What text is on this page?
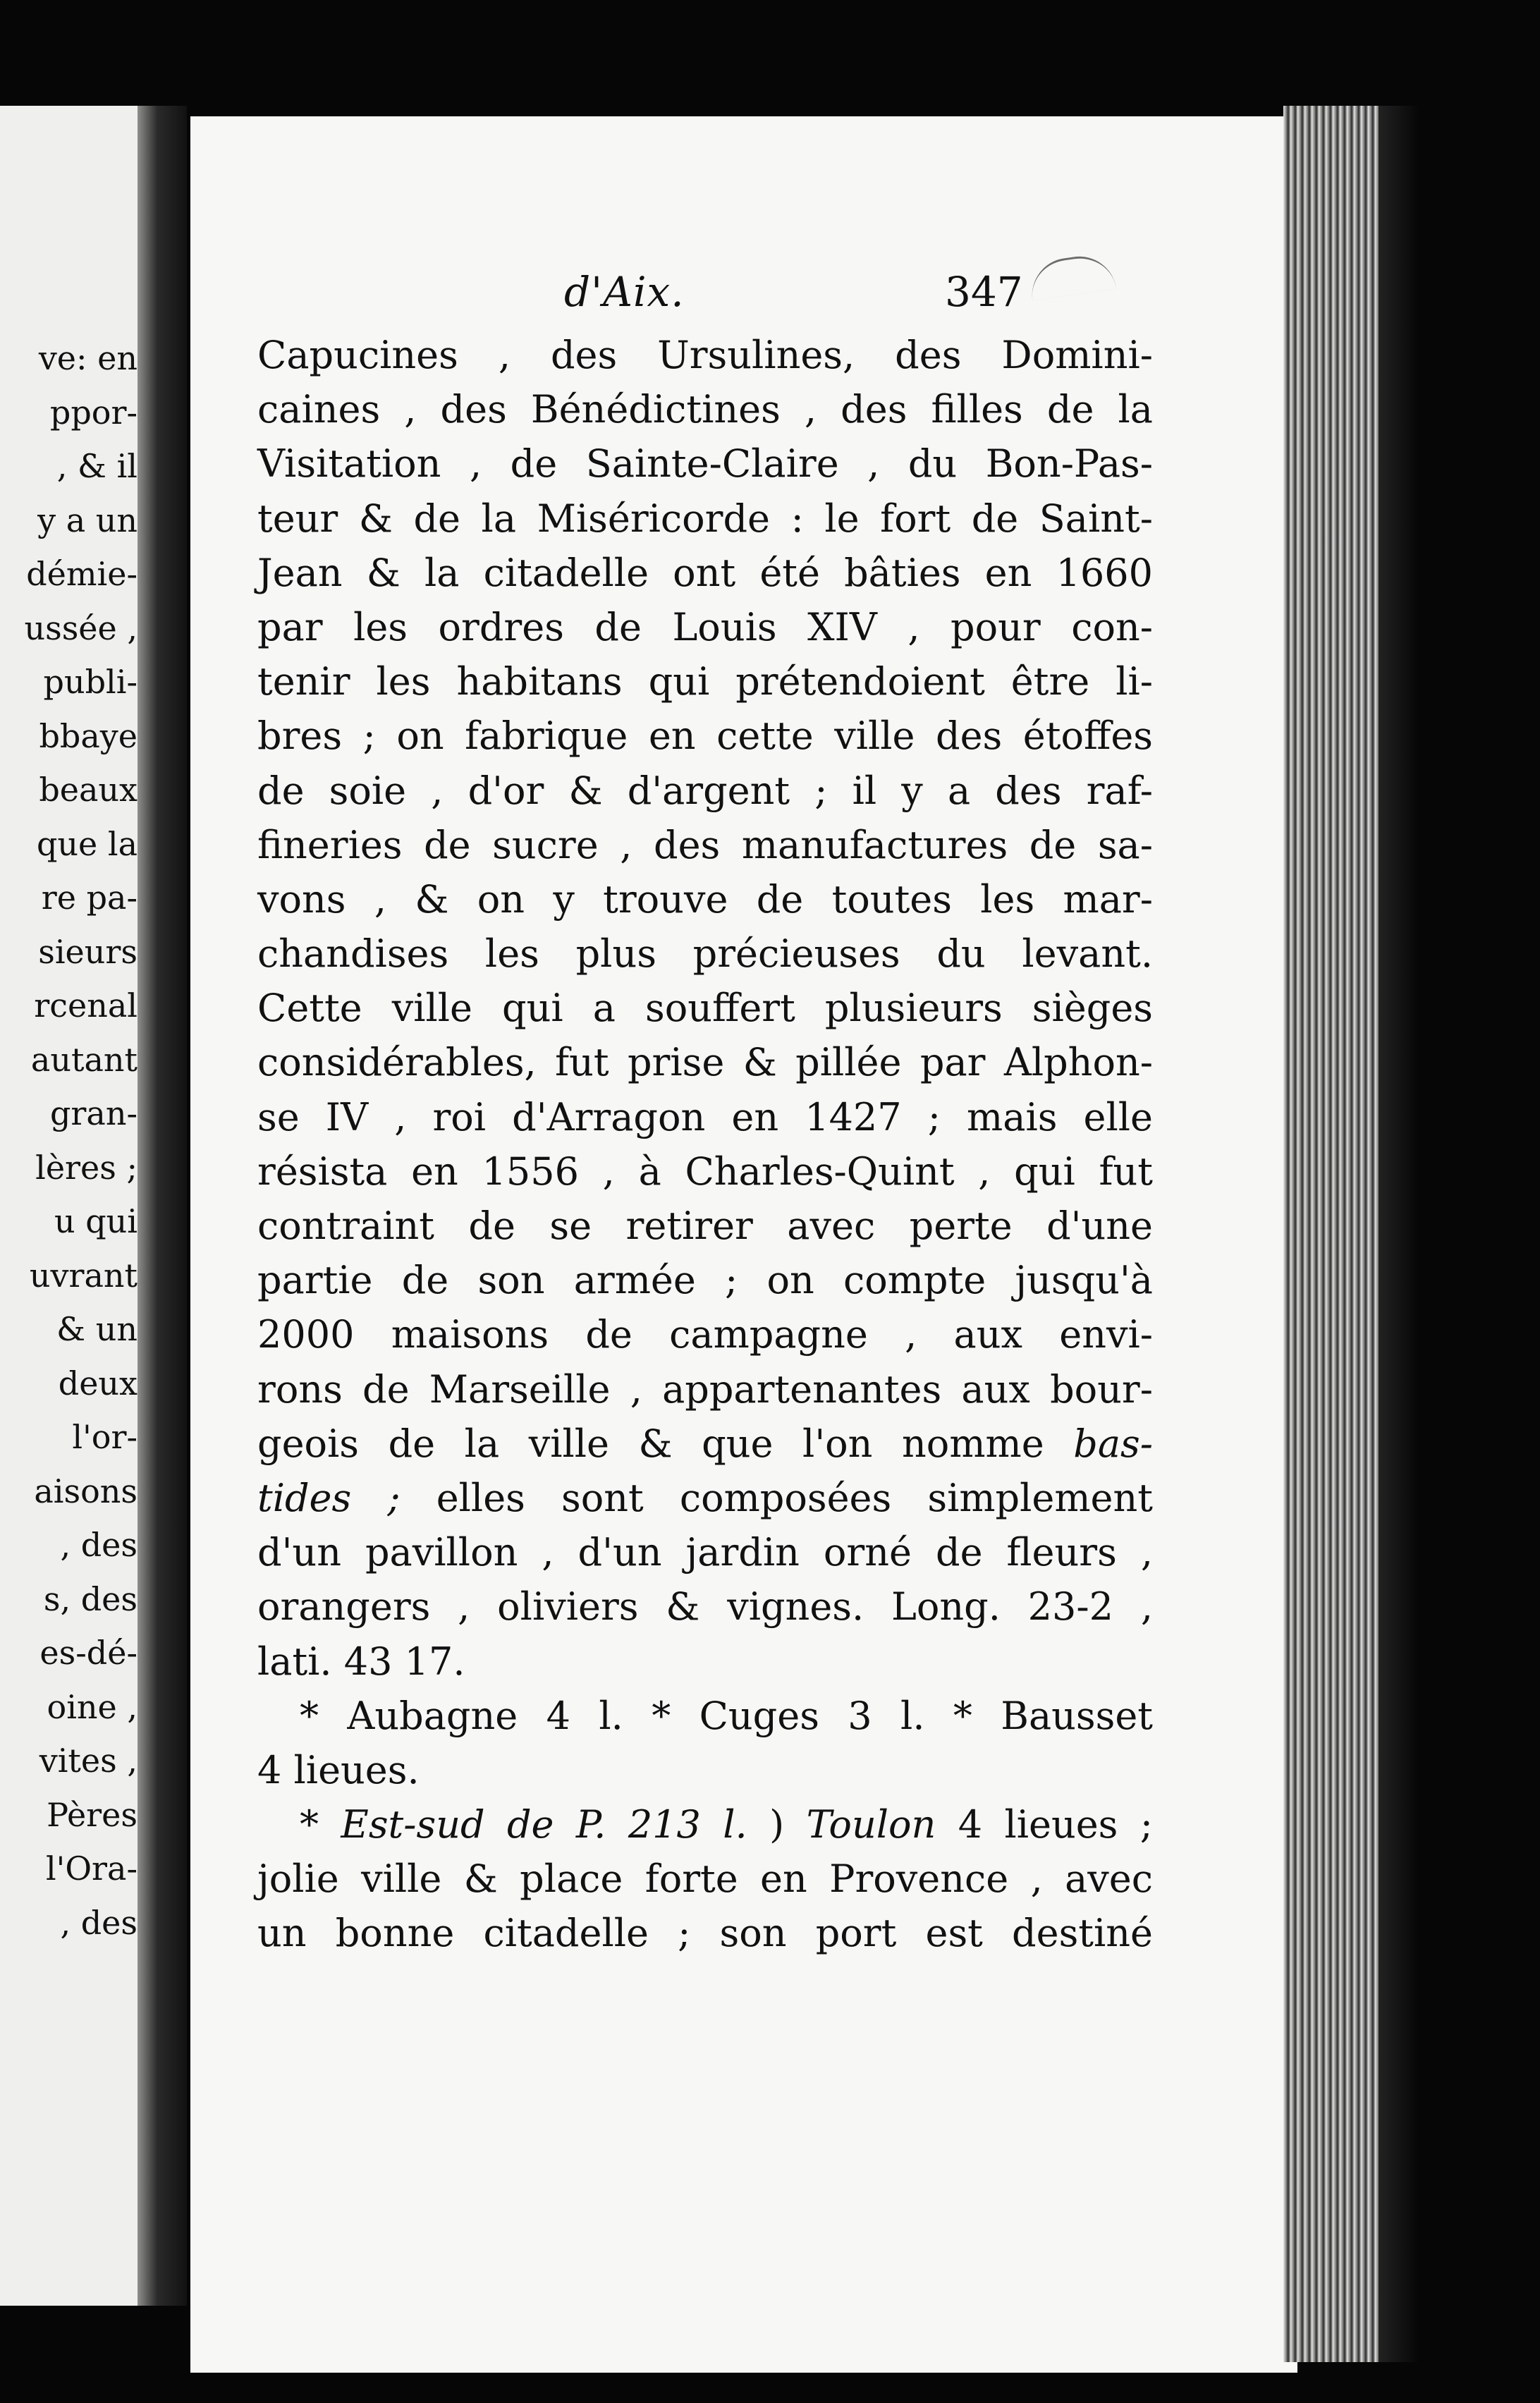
ve: en
ppor-
, & il
y a un
démie-
ussée ,
publi-
bbaye
beaux
que la
re pa-
sieurs
rcenal
autant
gran-
lères ;
u qui
uvrant
& un
deux
l'or-
aisons
, des
s, des
es-dé-
oine ,
vites ,
Pères
l'Ora-
, des
d'Aix.	347
Capucines , des Ursulines, des Domini-
caines , des Bénédictines , des filles de la
Visitation , de Sainte-Claire , du Bon-Pas-
teur & de la Miséricorde : le fort de Saint-
Jean & la citadelle ont été bâties en 1660
par les ordres de Louis XIV , pour con-
tenir les habitans qui prétendoient être li-
bres ; on fabrique en cette ville des étoffes
de soie , d'or & d'argent ; il y a des raf-
fineries de sucre , des manufactures de sa-
vons , & on y trouve de toutes les mar-
chandises les plus précieuses du levant.
Cette ville qui a souffert plusieurs sièges
considérables, fut prise & pillée par Alphon-
se IV , roi d'Arragon en 1427 ; mais elle
résista en 1556 , à Charles-Quint , qui fut
contraint de se retirer avec perte d'une
partie de son armée ; on compte jusqu'à
2000 maisons de campagne , aux envi-
rons de Marseille , appartenantes aux bour-
geois de la ville & que l'on nomme bas-
tides ; elles sont composées simplement
d'un pavillon , d'un jardin orné de fleurs ,
orangers , oliviers & vignes. Long. 23-2 ,
lati. 43 17.
* Aubagne 4 l. * Cuges 3 l. * Bausset
4 lieues.
* Est-sud de P. 213 l. ) Toulon 4 lieues ;
jolie ville & place forte en Provence , avec
un bonne citadelle ; son port est destiné
